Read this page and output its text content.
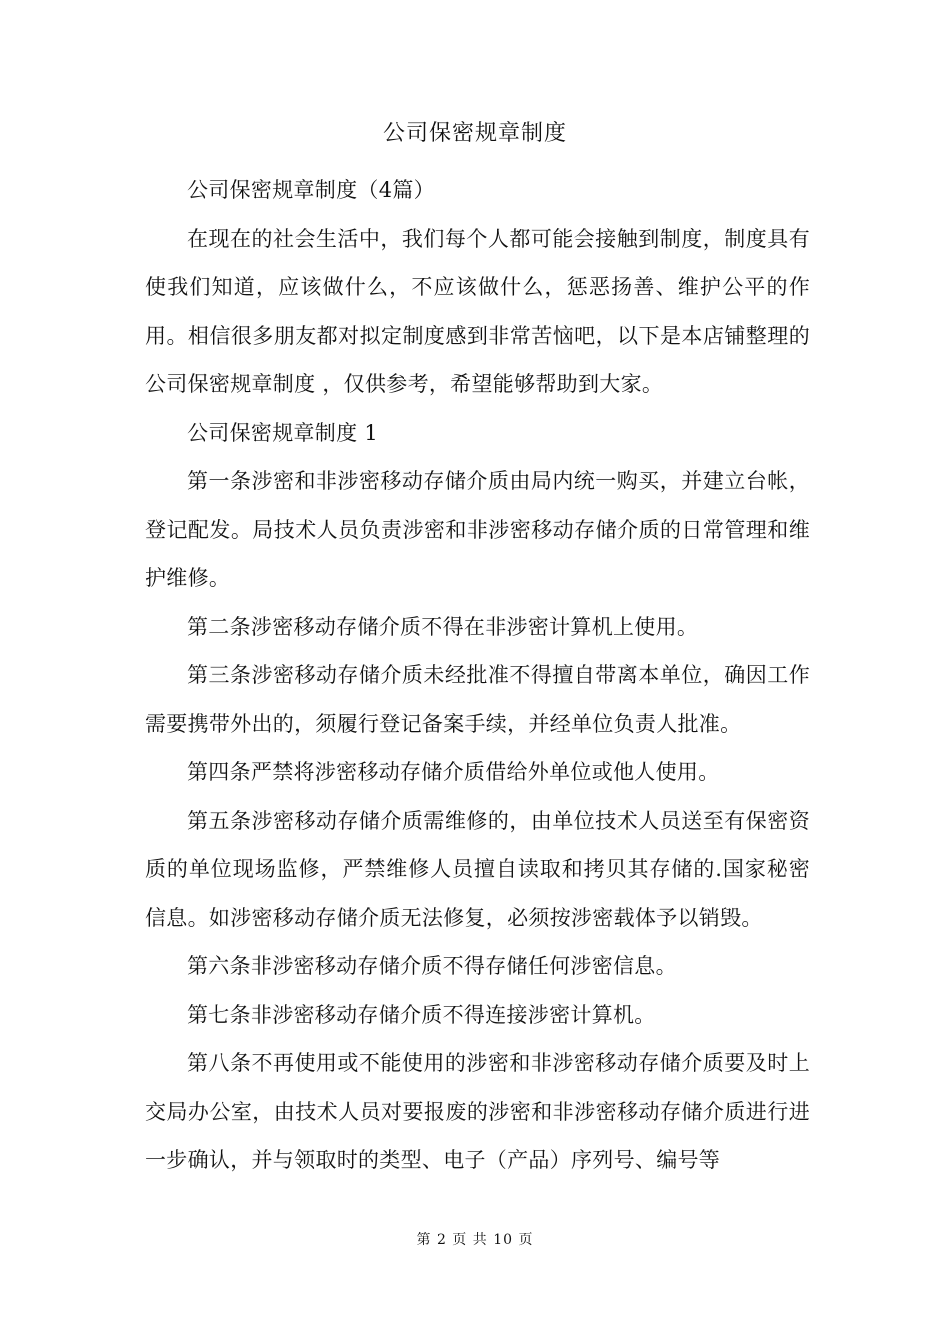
公司保密规章制度

公司保密规章制度（4篇）

在现在的社会生活中，我们每个人都可能会接触到制度，制度具有使我们知道，应该做什么，不应该做什么，惩恶扬善、维护公平的作用。相信很多朋友都对拟定制度感到非常苦恼吧，以下是本店铺整理的公司保密规章制度 ，仅供参考，希望能够帮助到大家。

公司保密规章制度 1

第一条涉密和非涉密移动存储介质由局内统一购买，并建立台帐，登记配发。局技术人员负责涉密和非涉密移动存储介质的日常管理和维护维修。

第二条涉密移动存储介质不得在非涉密计算机上使用。

第三条涉密移动存储介质未经批准不得擅自带离本单位，确因工作需要携带外出的，须履行登记备案手续，并经单位负责人批准。

第四条严禁将涉密移动存储介质借给外单位或他人使用。

第五条涉密移动存储介质需维修的，由单位技术人员送至有保密资质的单位现场监修，严禁维修人员擅自读取和拷贝其存储的.国家秘密信息。如涉密移动存储介质无法修复，必须按涉密载体予以销毁。

第六条非涉密移动存储介质不得存储任何涉密信息。

第七条非涉密移动存储介质不得连接涉密计算机。

第八条不再使用或不能使用的涉密和非涉密移动存储介质要及时上交局办公室，由技术人员对要报废的涉密和非涉密移动存储介质进行进一步确认，并与领取时的类型、电子（产品）序列号、编号等

第 2 页 共 10 页
